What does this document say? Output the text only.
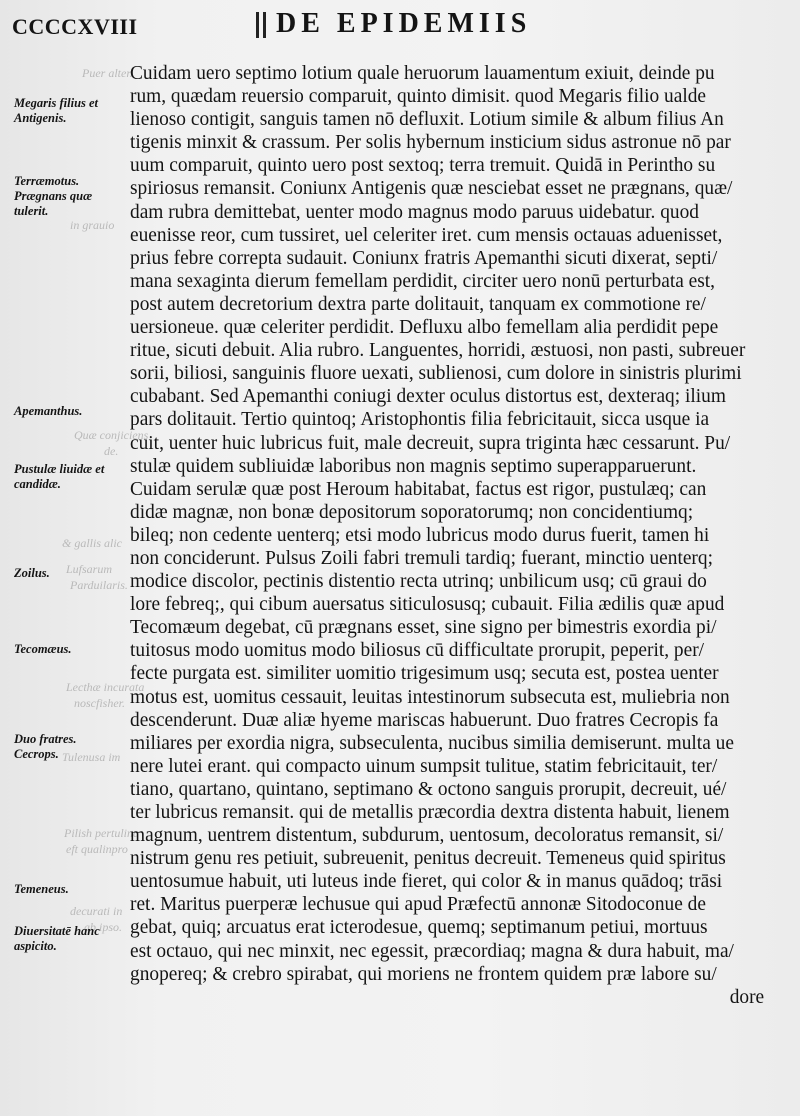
Puer alter.
in grauio
Quæ conjiciens
de.
& gallis alic
Lufsarum
Parduilaris.
Lecthæ incurata
noscfisher.
Tulenusa im
Pilish pertulina
eft qualinpro
decurati in
ab ipso.
CCCCXVIII	DE EPIDEMIIS
Megaris filius et Antigenis.
Terræmotus. Prægnans quæ tulerit.
Apemanthus.
Pustulæ liuidæ et candidæ.
Zoilus.
Tecomæus.
Duo fratres. Cecrops.
Temeneus.
Diuersitatē hanc aspicito.
Cuidam uero septimo lotium quale heruorum lauamentum exiuit, deinde pu
rum, quædam reuersio comparuit, quinto dimisit. quod Megaris filio ualde
lienoso contigit, sanguis tamen nō defluxit. Lotium simile & album filius An
tigenis minxit & crassum. Per solis hybernum insticium sidus astronue nō par
uum comparuit, quinto uero post sextoq; terra tremuit. Quidā in Perintho su
spiriosus remansit. Coniunx Antigenis quæ nesciebat esset ne prægnans, quæ/
dam rubra demittebat, uenter modo magnus modo paruus uidebatur. quod
euenisse reor, cum tussiret, uel celeriter iret. cum mensis octauas aduenisset,
prius febre correpta sudauit. Coniunx fratris Apemanthi sicuti dixerat, septi/
mana sexaginta dierum femellam perdidit, circiter uero nonū perturbata est,
post autem decretorium dextra parte dolitauit, tanquam ex commotione re/
uersioneue. quæ celeriter perdidit. Defluxu albo femellam alia perdidit pepe
ritue, sicuti debuit. Alia rubro. Languentes, horridi, æstuosi, non pasti, subreuer
sorii, biliosi, sanguinis fluore uexati, sublienosi, cum dolore in sinistris plurimi
cubabant. Sed Apemanthi coniugi dexter oculus distortus est, dexteraq; ilium
pars dolitauit. Tertio quintoq; Aristophontis filia febricitauit, sicca usque ia
cuit, uenter huic lubricus fuit, male decreuit, supra triginta hæc cessarunt. Pu/
stulæ quidem subliuidæ laboribus non magnis septimo superapparuerunt.
Cuidam serulæ quæ post Heroum habitabat, factus est rigor, pustulæq; can
didæ magnæ, non bonæ depositorum soporatorumq; non concidentiumq;
bileq; non cedente uenterq; etsi modo lubricus modo durus fuerit, tamen hi
non conciderunt. Pulsus Zoili fabri tremuli tardiq; fuerant, minctio uenterq;
modice discolor, pectinis distentio recta utrinq; unbilicum usq; cū graui do
lore febreq;, qui cibum auersatus siticulosusq; cubauit. Filia ædilis quæ apud
Tecomæum degebat, cū prægnans esset, sine signo per bimestris exordia pi/
tuitosus modo uomitus modo biliosus cū difficultate prorupit, peperit, per/
fecte purgata est. similiter uomitio trigesimum usq; secuta est, postea uenter
motus est, uomitus cessauit, leuitas intestinorum subsecuta est, muliebria non
descenderunt. Duæ aliæ hyeme mariscas habuerunt. Duo fratres Cecropis fa
miliares per exordia nigra, subseculenta, nucibus similia demiserunt. multa ue
nere lutei erant. qui compacto uinum sumpsit tulitue, statim febricitauit, ter/
tiano, quartano, quintano, septimano & octono sanguis prorupit, decreuit, ué/
ter lubricus remansit. qui de metallis præcordia dextra distenta habuit, lienem
magnum, uentrem distentum, subdurum, uentosum, decoloratus remansit, si/
nistrum genu res petiuit, subreuenit, penitus decreuit. Temeneus quid spiritus
uentosumue habuit, uti luteus inde fieret, qui color & in manus quādoq; trāsi
ret. Maritus puerperæ lechusue qui apud Præfectū annonæ Sitodoconue de
gebat, quiq; arcuatus erat icterodesue, quemq; septimanum petiui, mortuus
est octauo, qui nec minxit, nec egessit, præcordiaq; magna & dura habuit, ma/
gnopereq; & crebro spirabat, qui moriens ne frontem quidem præ labore su/
dore
